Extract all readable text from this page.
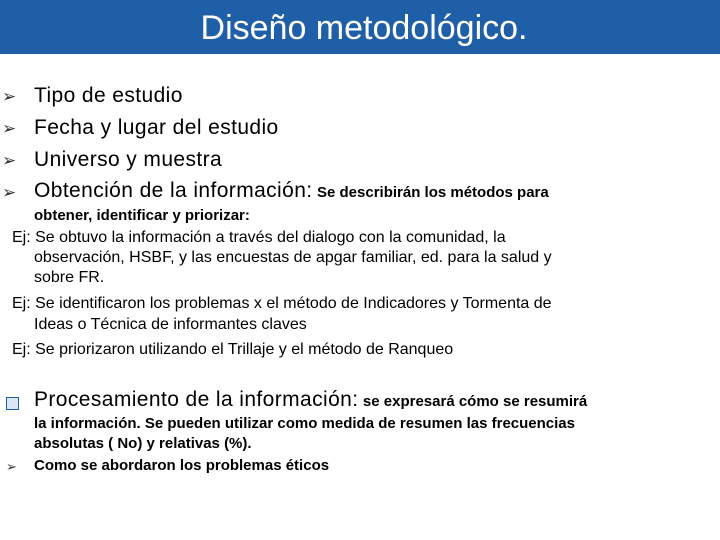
Diseño metodológico.
➢ Tipo de estudio
➢ Fecha y lugar del estudio
➢ Universo y muestra
➢ Obtención de la información: Se describirán los métodos para
obtener, identificar y priorizar:
Ej: Se obtuvo la información a través del dialogo con la comunidad, la
observación, HSBF, y las encuestas de apgar familiar, ed. para la salud y
sobre FR.
Ej: Se identificaron los problemas x el método de Indicadores y Tormenta de
Ideas o Técnica de informantes claves
Ej: Se priorizaron utilizando el Trillaje y el método de Ranqueo
Procesamiento de la información: se expresará cómo se resumirá
la información. Se pueden utilizar como medida de resumen las frecuencias
absolutas ( No) y relativas (%).
➢ Como se abordaron los problemas éticos
